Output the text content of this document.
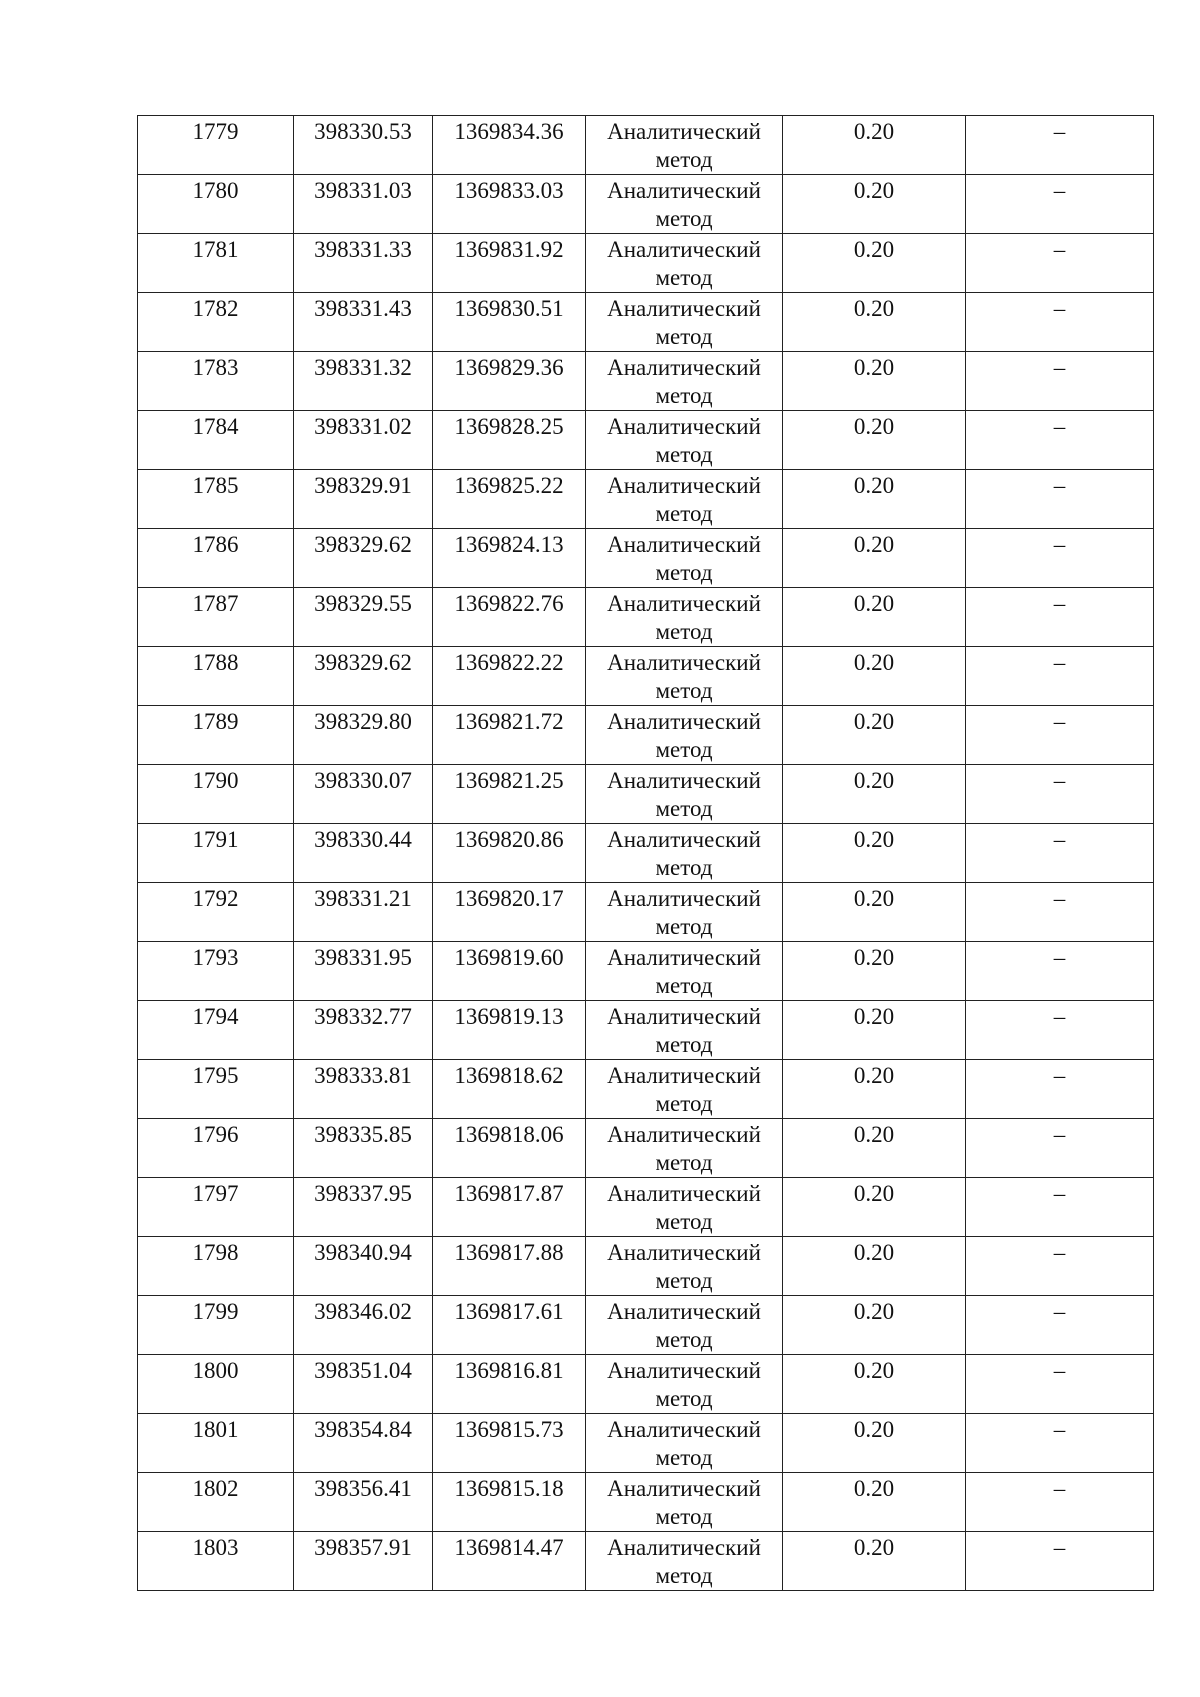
1779	398330.53	1369834.36	Аналитический метод	0.20	–
1780	398331.03	1369833.03	Аналитический метод	0.20	–
1781	398331.33	1369831.92	Аналитический метод	0.20	–
1782	398331.43	1369830.51	Аналитический метод	0.20	–
1783	398331.32	1369829.36	Аналитический метод	0.20	–
1784	398331.02	1369828.25	Аналитический метод	0.20	–
1785	398329.91	1369825.22	Аналитический метод	0.20	–
1786	398329.62	1369824.13	Аналитический метод	0.20	–
1787	398329.55	1369822.76	Аналитический метод	0.20	–
1788	398329.62	1369822.22	Аналитический метод	0.20	–
1789	398329.80	1369821.72	Аналитический метод	0.20	–
1790	398330.07	1369821.25	Аналитический метод	0.20	–
1791	398330.44	1369820.86	Аналитический метод	0.20	–
1792	398331.21	1369820.17	Аналитический метод	0.20	–
1793	398331.95	1369819.60	Аналитический метод	0.20	–
1794	398332.77	1369819.13	Аналитический метод	0.20	–
1795	398333.81	1369818.62	Аналитический метод	0.20	–
1796	398335.85	1369818.06	Аналитический метод	0.20	–
1797	398337.95	1369817.87	Аналитический метод	0.20	–
1798	398340.94	1369817.88	Аналитический метод	0.20	–
1799	398346.02	1369817.61	Аналитический метод	0.20	–
1800	398351.04	1369816.81	Аналитический метод	0.20	–
1801	398354.84	1369815.73	Аналитический метод	0.20	–
1802	398356.41	1369815.18	Аналитический метод	0.20	–
1803	398357.91	1369814.47	Аналитический метод	0.20	–
